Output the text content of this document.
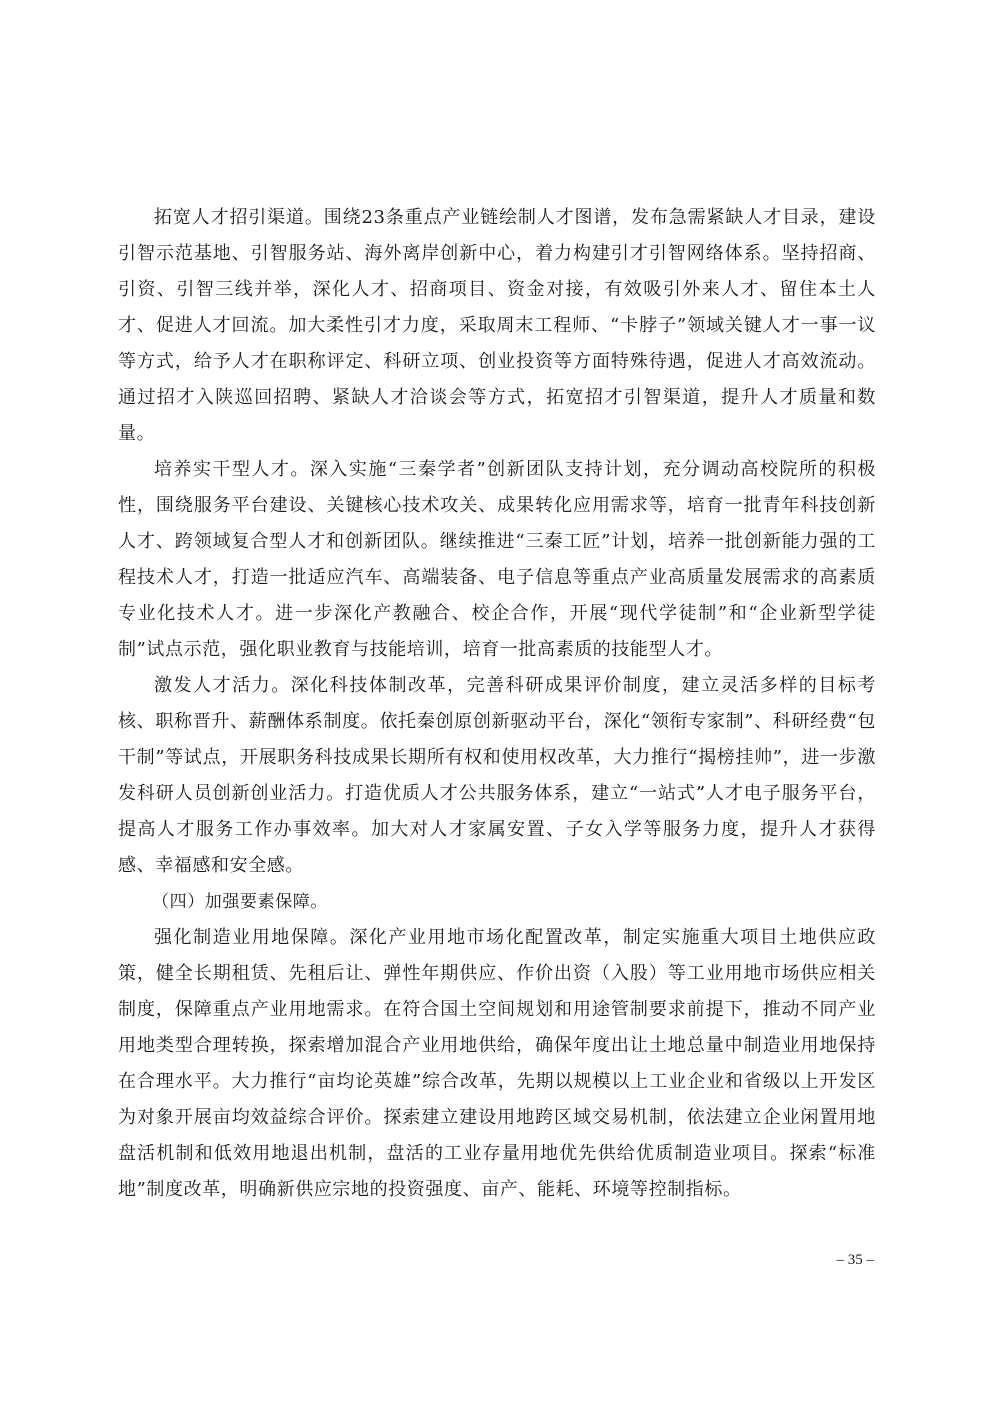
拓宽人才招引渠道。围绕23条重点产业链绘制人才图谱，发布急需紧缺人才目录，建设引智示范基地、引智服务站、海外离岸创新中心，着力构建引才引智网络体系。坚持招商、引资、引智三线并举，深化人才、招商项目、资金对接，有效吸引外来人才、留住本土人才、促进人才回流。加大柔性引才力度，采取周末工程师、“卡脖子”领域关键人才一事一议等方式，给予人才在职称评定、科研立项、创业投资等方面特殊待遇，促进人才高效流动。通过招才入陕巡回招聘、紧缺人才洽谈会等方式，拓宽招才引智渠道，提升人才质量和数量。

培养实干型人才。深入实施“三秦学者”创新团队支持计划，充分调动高校院所的积极性，围绕服务平台建设、关键核心技术攻关、成果转化应用需求等，培育一批青年科技创新人才、跨领域复合型人才和创新团队。继续推进“三秦工匠”计划，培养一批创新能力强的工程技术人才，打造一批适应汽车、高端装备、电子信息等重点产业高质量发展需求的高素质专业化技术人才。进一步深化产教融合、校企合作，开展“现代学徒制”和“企业新型学徒制”试点示范，强化职业教育与技能培训，培育一批高素质的技能型人才。

激发人才活力。深化科技体制改革，完善科研成果评价制度，建立灵活多样的目标考核、职称晋升、薪酬体系制度。依托秦创原创新驱动平台，深化“领衔专家制”、科研经费“包干制”等试点，开展职务科技成果长期所有权和使用权改革，大力推行“揭榜挂帅”，进一步激发科研人员创新创业活力。打造优质人才公共服务体系，建立“一站式”人才电子服务平台，提高人才服务工作办事效率。加大对人才家属安置、子女入学等服务力度，提升人才获得感、幸福感和安全感。

（四）加强要素保障。

强化制造业用地保障。深化产业用地市场化配置改革，制定实施重大项目土地供应政策，健全长期租赁、先租后让、弹性年期供应、作价出资（入股）等工业用地市场供应相关制度，保障重点产业用地需求。在符合国土空间规划和用途管制要求前提下，推动不同产业用地类型合理转换，探索增加混合产业用地供给，确保年度出让土地总量中制造业用地保持在合理水平。大力推行“亩均论英雄”综合改革，先期以规模以上工业企业和省级以上开发区为对象开展亩均效益综合评价。探索建立建设用地跨区域交易机制，依法建立企业闲置用地盘活机制和低效用地退出机制，盘活的工业存量用地优先供给优质制造业项目。探索“标准地”制度改革，明确新供应宗地的投资强度、亩产、能耗、环境等控制指标。

– 35 –
